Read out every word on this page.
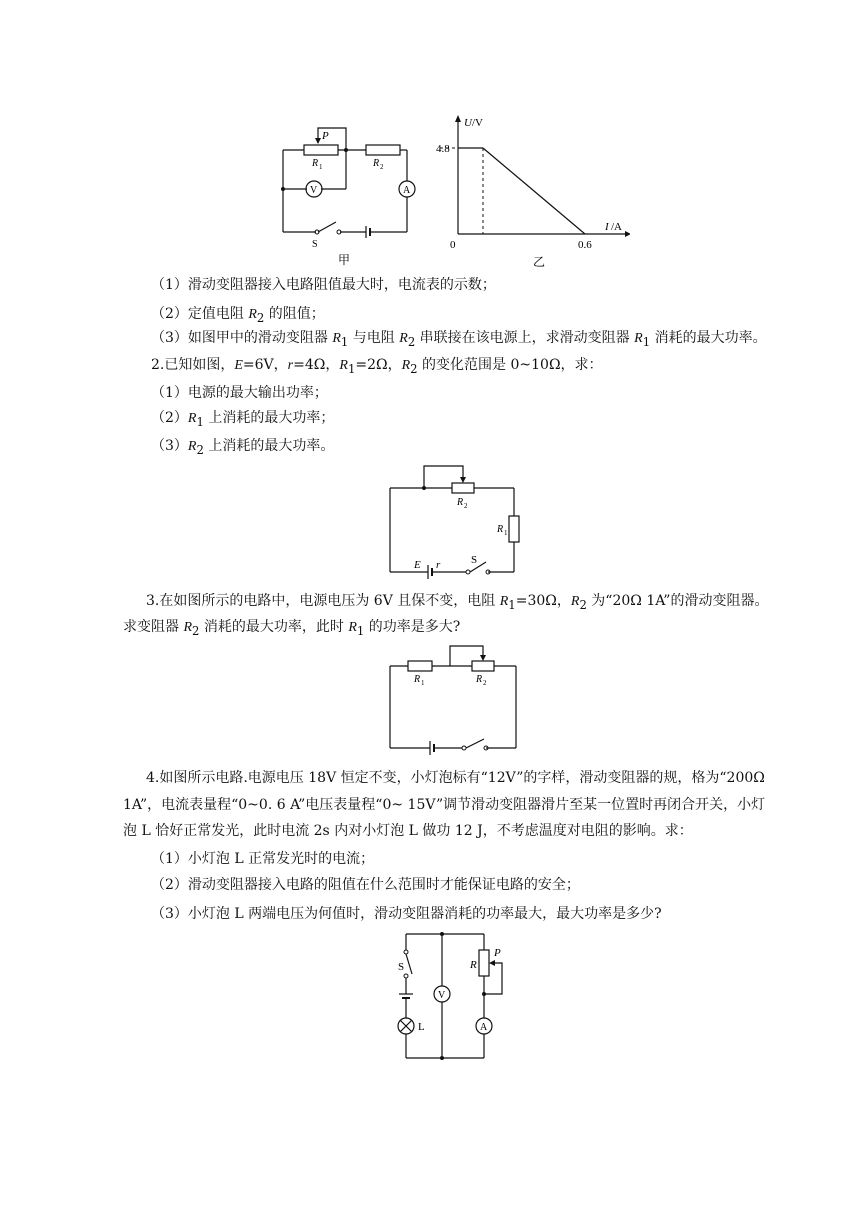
P
R 1	R 2
V	A
S
甲
U /V
I /A
4.8
0	0.6
乙
（1）滑动变阻器接入电路阻值最大时，电流表的示数；
（2）定值电阻 $R_2$ 的阻值；
（3）如图甲中的滑动变阻器 $R_1$ 与电阻 $R_2$ 串联接在该电源上，求滑动变阻器 $R_1$ 消耗的最大功率。
2.已知如图，E=6V，r=4Ω，$R_1=2\Omega$，$R_2$ 的变化范围是 0~10Ω，求：
（1）电源的最大输出功率；
$(2)R_1$ 上消耗的最大功率；
$(3)R_2$ 上消耗的最大功率。
R 2
R 1
E r	S
3.在如图所示的电路中，电源电压为 6V 且保不变，电阻 $R_1=30\Omega$，$R_2$ 为“20Ω 1A”的滑动变阻器。
求变阻器 $R_2$ 消耗的最大功率，此时 $R_1$ 的功率是多大?
R 1	R 2
4.如图所示电路.电源电压 18V 恒定不变，小灯泡标有“12V”的字样，滑动变阻器的规，格为“200Ω
1A”，电流表量程“0~0. 6 A”电压表量程“0~ 15V”调节滑动变阻器滑片至某一位置时再闭合开关，小灯
泡 L 恰好正常发光，此时电流 2s 内对小灯泡 L 做功 12 J，不考虑温度对电阻的影响。求：
（1）小灯泡 L 正常发光时的电流；
（2）滑动变阻器接入电路的阻值在什么范围时才能保证电路的安全；
（3）小灯泡 L 两端电压为何值时，滑动变阻器消耗的功率最大，最大功率是多少?
S
V
R
P
A
L
